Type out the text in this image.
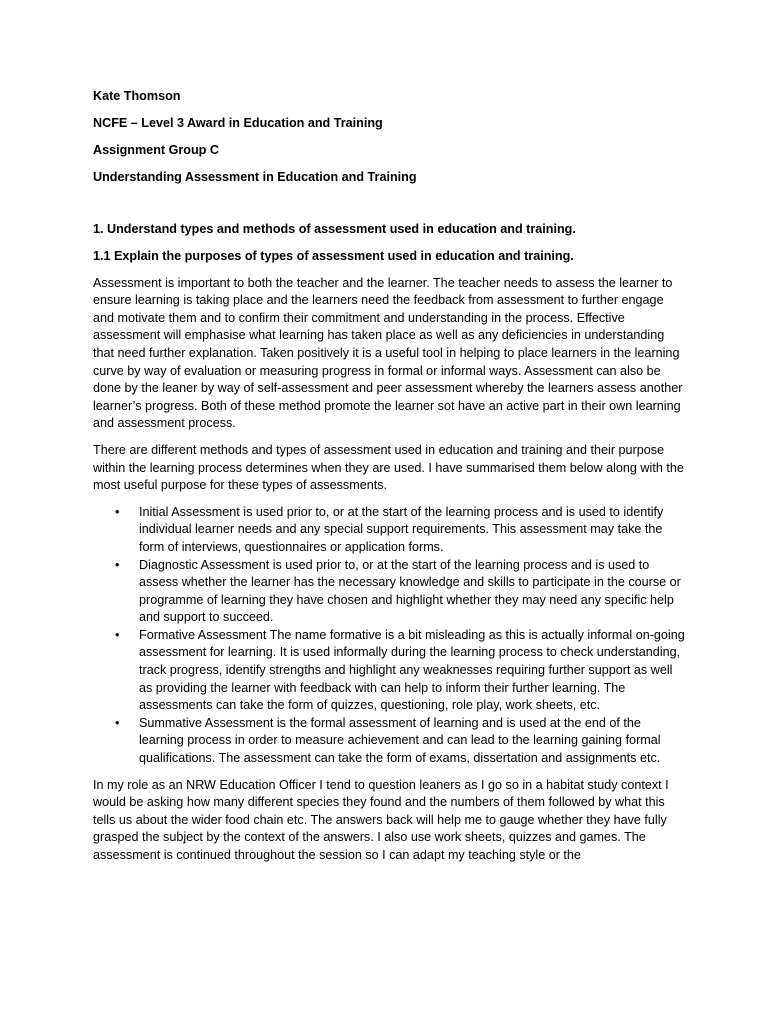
Kate Thomson
NCFE – Level 3 Award in Education and Training
Assignment Group C
Understanding Assessment in Education and Training
1. Understand types and methods of assessment used in education and training.
1.1 Explain the purposes of types of assessment used in education and training.

Assessment is important to both the teacher and the learner. The teacher needs to assess the learner to ensure learning is taking place and the learners need the feedback from assessment to further engage and motivate them and to confirm their commitment and understanding in the process. Effective assessment will emphasise what learning has taken place as well as any deficiencies in understanding that need further explanation. Taken positively it is a useful tool in helping to place learners in the learning curve by way of evaluation or measuring progress in formal or informal ways. Assessment can also be done by the leaner by way of self-assessment and peer assessment whereby the learners assess another learner’s progress. Both of these method promote the learner sot have an active part in their own learning and assessment process.

There are different methods and types of assessment used in education and training and their purpose within the learning process determines when they are used. I have summarised them below along with the most useful purpose for these types of assessments.

• Initial Assessment is used prior to, or at the start of the learning process and is used to identify individual learner needs and any special support requirements. This assessment may take the form of interviews, questionnaires or application forms.
• Diagnostic Assessment is used prior to, or at the start of the learning process and is used to assess whether the learner has the necessary knowledge and skills to participate in the course or programme of learning they have chosen and highlight whether they may need any specific help and support to succeed.
• Formative Assessment The name formative is a bit misleading as this is actually informal on-going assessment for learning. It is used informally during the learning process to check understanding, track progress, identify strengths and highlight any weaknesses requiring further support as well as providing the learner with feedback with can help to inform their further learning. The assessments can take the form of quizzes, questioning, role play, work sheets, etc.
• Summative Assessment is the formal assessment of learning and is used at the end of the learning process in order to measure achievement and can lead to the learning gaining formal qualifications. The assessment can take the form of exams, dissertation and assignments etc.

In my role as an NRW Education Officer I tend to question leaners as I go so in a habitat study context I would be asking how many different species they found and the numbers of them followed by what this tells us about the wider food chain etc. The answers back will help me to gauge whether they have fully grasped the subject by the context of the answers. I also use work sheets, quizzes and games. The assessment is continued throughout the session so I can adapt my teaching style or the
